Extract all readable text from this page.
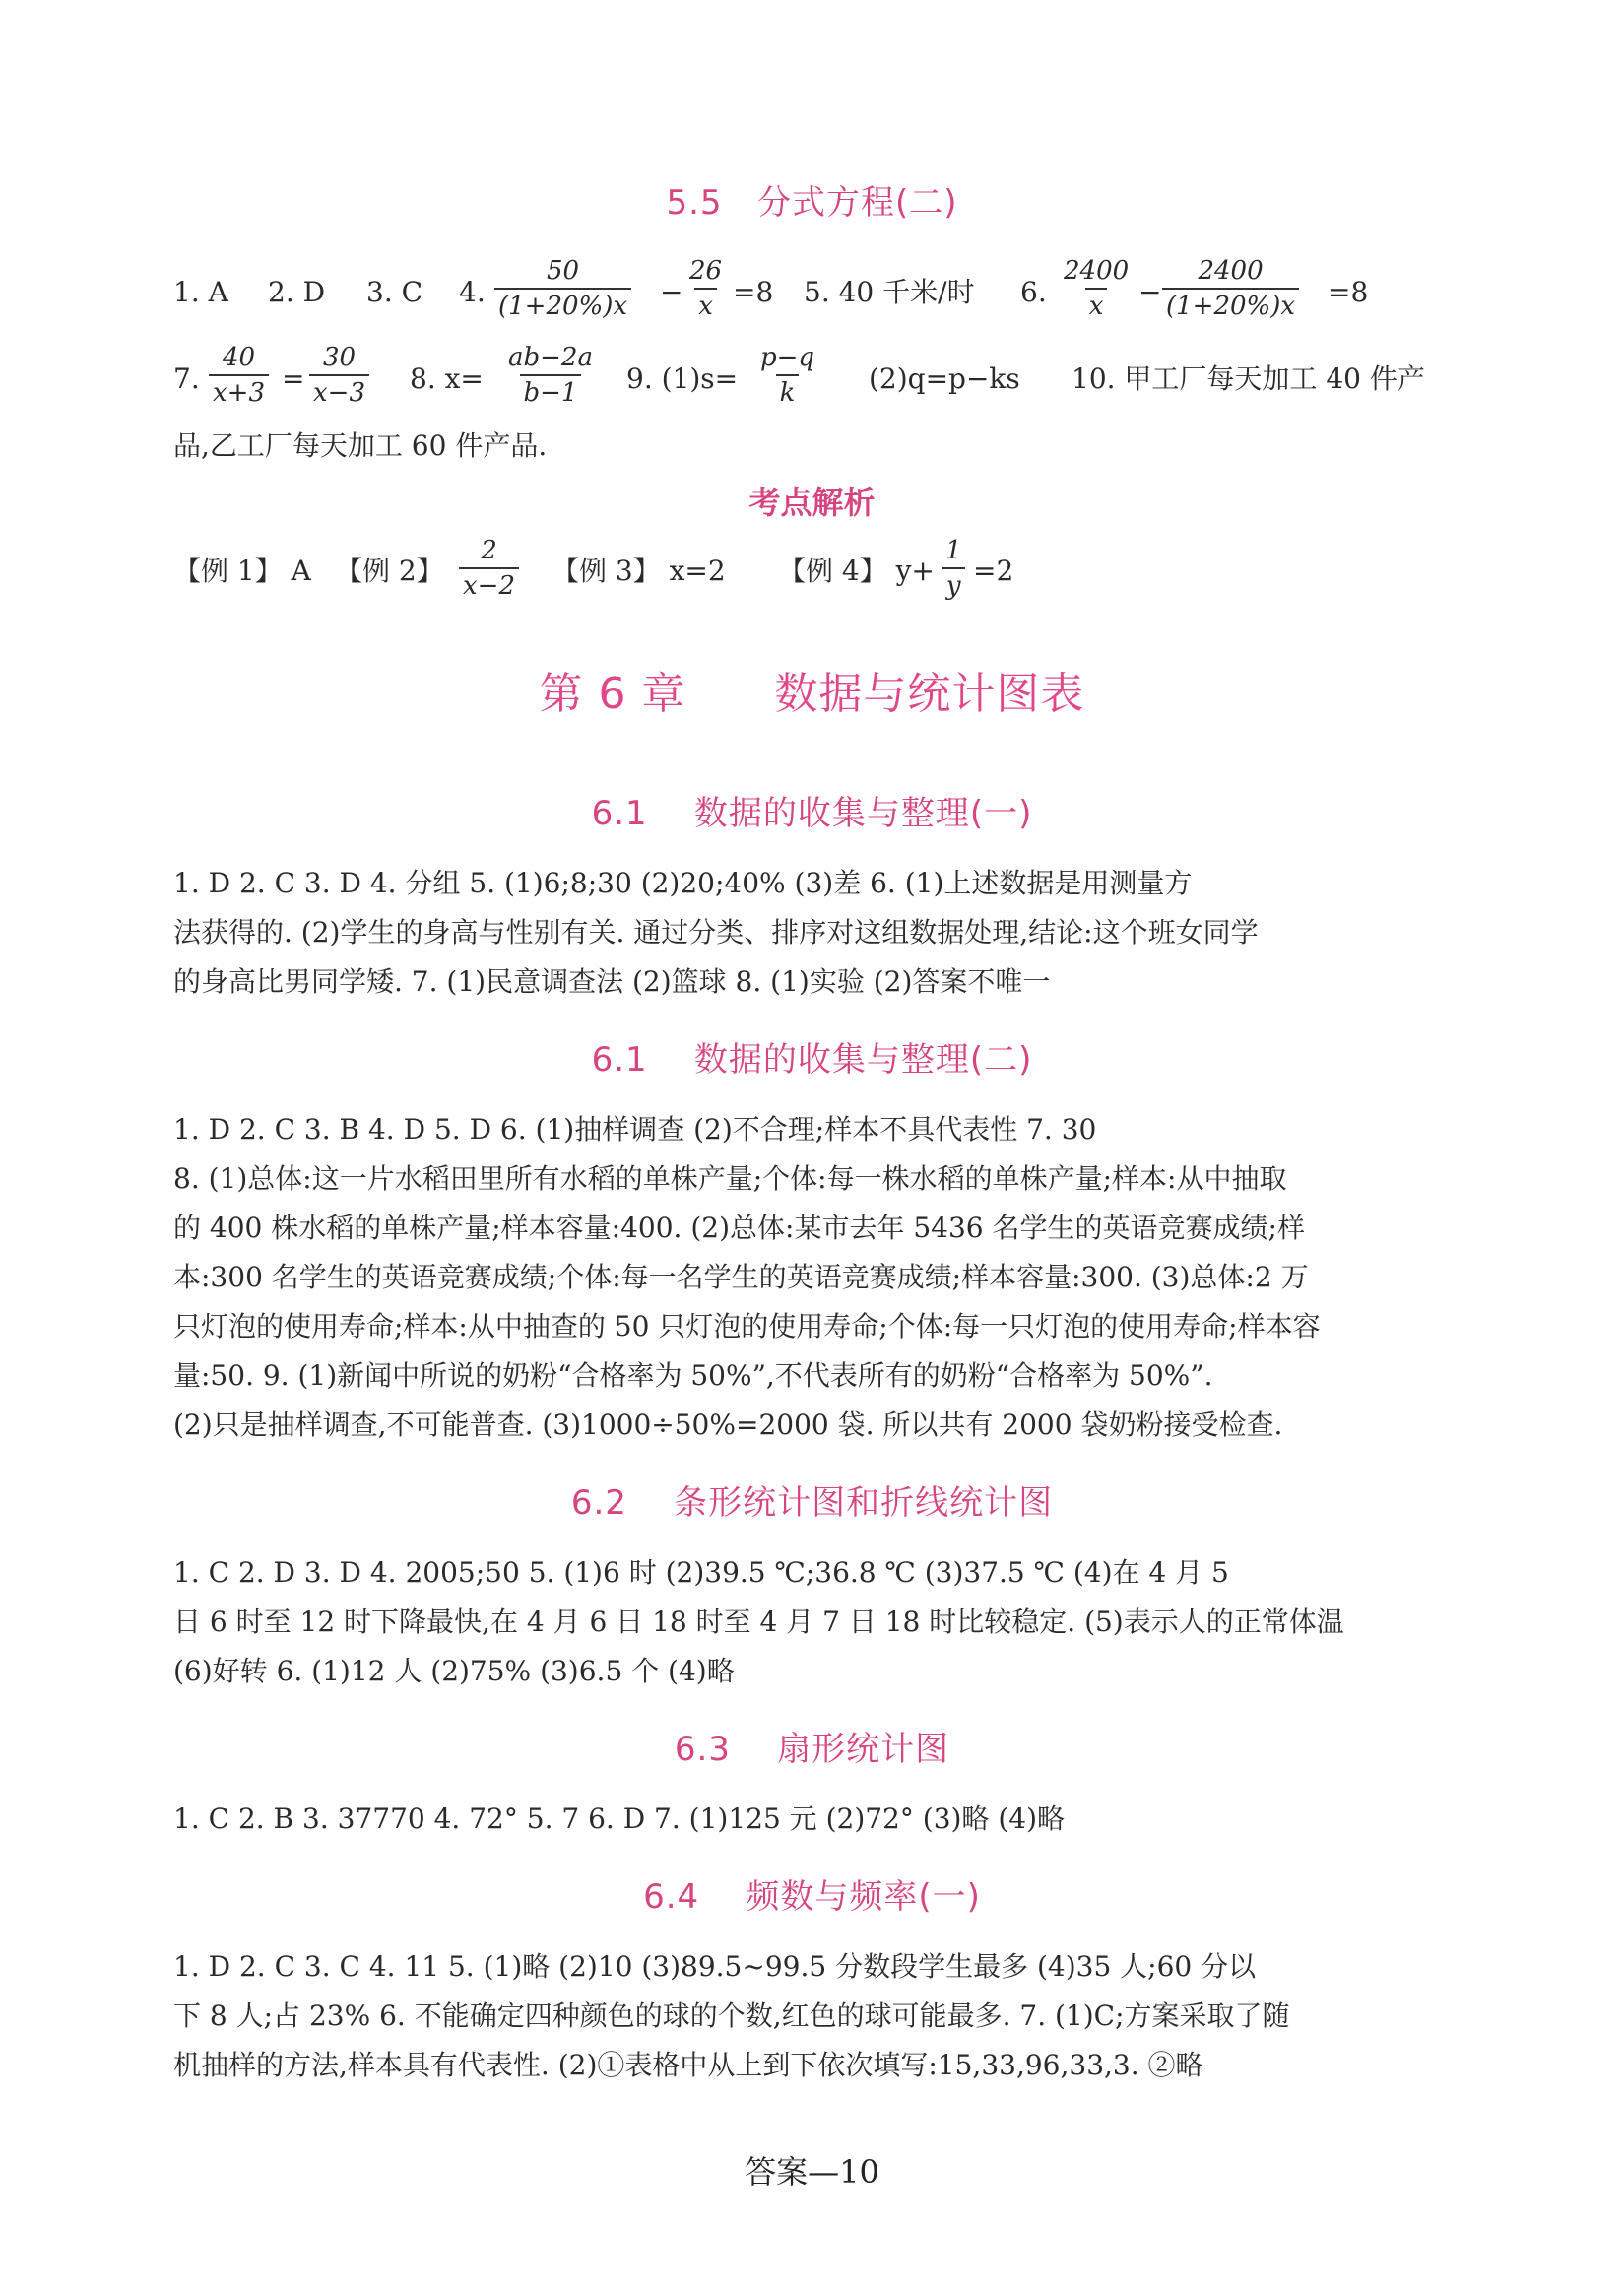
5.5   分式方程(二)
1. A 2. D 3. C 4. $\frac{50}{(1+20\%)x} - \frac{26}{x} =8$ 5. 40 千米/时 6. $\frac{2400}{x} - \frac{2400}{(1+20\%)x} =8$
7. $\frac{40}{x+3} = \frac{30}{x-3} 8$. $x= \frac{ab-2a}{b-1} 9$. $(1)s= \frac{p-q}{k} (2)q=p-ks$ 10. 甲工厂每天加工 40 件产
品,乙工厂每天加工 60 件产品.
考点解析
【例 1】 A 【例 2】 $\frac{2}{x-2}$ 【例 3】 x=2 【例 4】 $y+ \frac{1}{y} =2$
第 6 章      数据与统计图表
6.1    数据的收集与整理(一)
1. D 2. C 3. D 4. 分组 5. (1)6;8;30 (2)20;40% (3)差 6. (1)上述数据是用测量方
法获得的. (2)学生的身高与性别有关. 通过分类、排序对这组数据处理,结论:这个班女同学
的身高比男同学矮. 7. (1)民意调查法 (2)篮球 8. (1)实验 (2)答案不唯一
6.1    数据的收集与整理(二)
1. D 2. C 3. B 4. D 5. D 6. (1)抽样调查 (2)不合理;样本不具代表性 7. 30
8. (1)总体:这一片水稻田里所有水稻的单株产量;个体:每一株水稻的单株产量;样本:从中抽取
的 400 株水稻的单株产量;样本容量:400. (2)总体:某市去年 5436 名学生的英语竞赛成绩;样
本:300 名学生的英语竞赛成绩;个体:每一名学生的英语竞赛成绩;样本容量:300. (3)总体:2 万
只灯泡的使用寿命;样本:从中抽查的 50 只灯泡的使用寿命;个体:每一只灯泡的使用寿命;样本容
量:50. 9. (1)新闻中所说的奶粉“合格率为 50%”,不代表所有的奶粉“合格率为 50%”.
(2)只是抽样调查,不可能普查. (3)1000÷50%=2000 袋. 所以共有 2000 袋奶粉接受检查.
6.2    条形统计图和折线统计图
1. C 2. D 3. D 4. 2005;50 5. (1)6 时 (2)39.5 ℃;36.8 ℃ (3)37.5 ℃ (4)在 4 月 5
日 6 时至 12 时下降最快,在 4 月 6 日 18 时至 4 月 7 日 18 时比较稳定. (5)表示人的正常体温
(6)好转 6. (1)12 人 (2)75% (3)6.5 个 (4)略
6.3    扇形统计图
1. C 2. B 3. 37770 4. 72° 5. 7 6. D 7. (1)125 元 (2)72° (3)略 (4)略
6.4    频数与频率(一)
1. D 2. C 3. C 4. 11 5. (1)略 (2)10 (3)89.5~99.5 分数段学生最多 (4)35 人;60 分以
下 8 人;占 23% 6. 不能确定四种颜色的球的个数,红色的球可能最多. 7. (1)C;方案采取了随
机抽样的方法,样本具有代表性. (2)①表格中从上到下依次填写:15,33,96,33,3. ②略
答案—10
